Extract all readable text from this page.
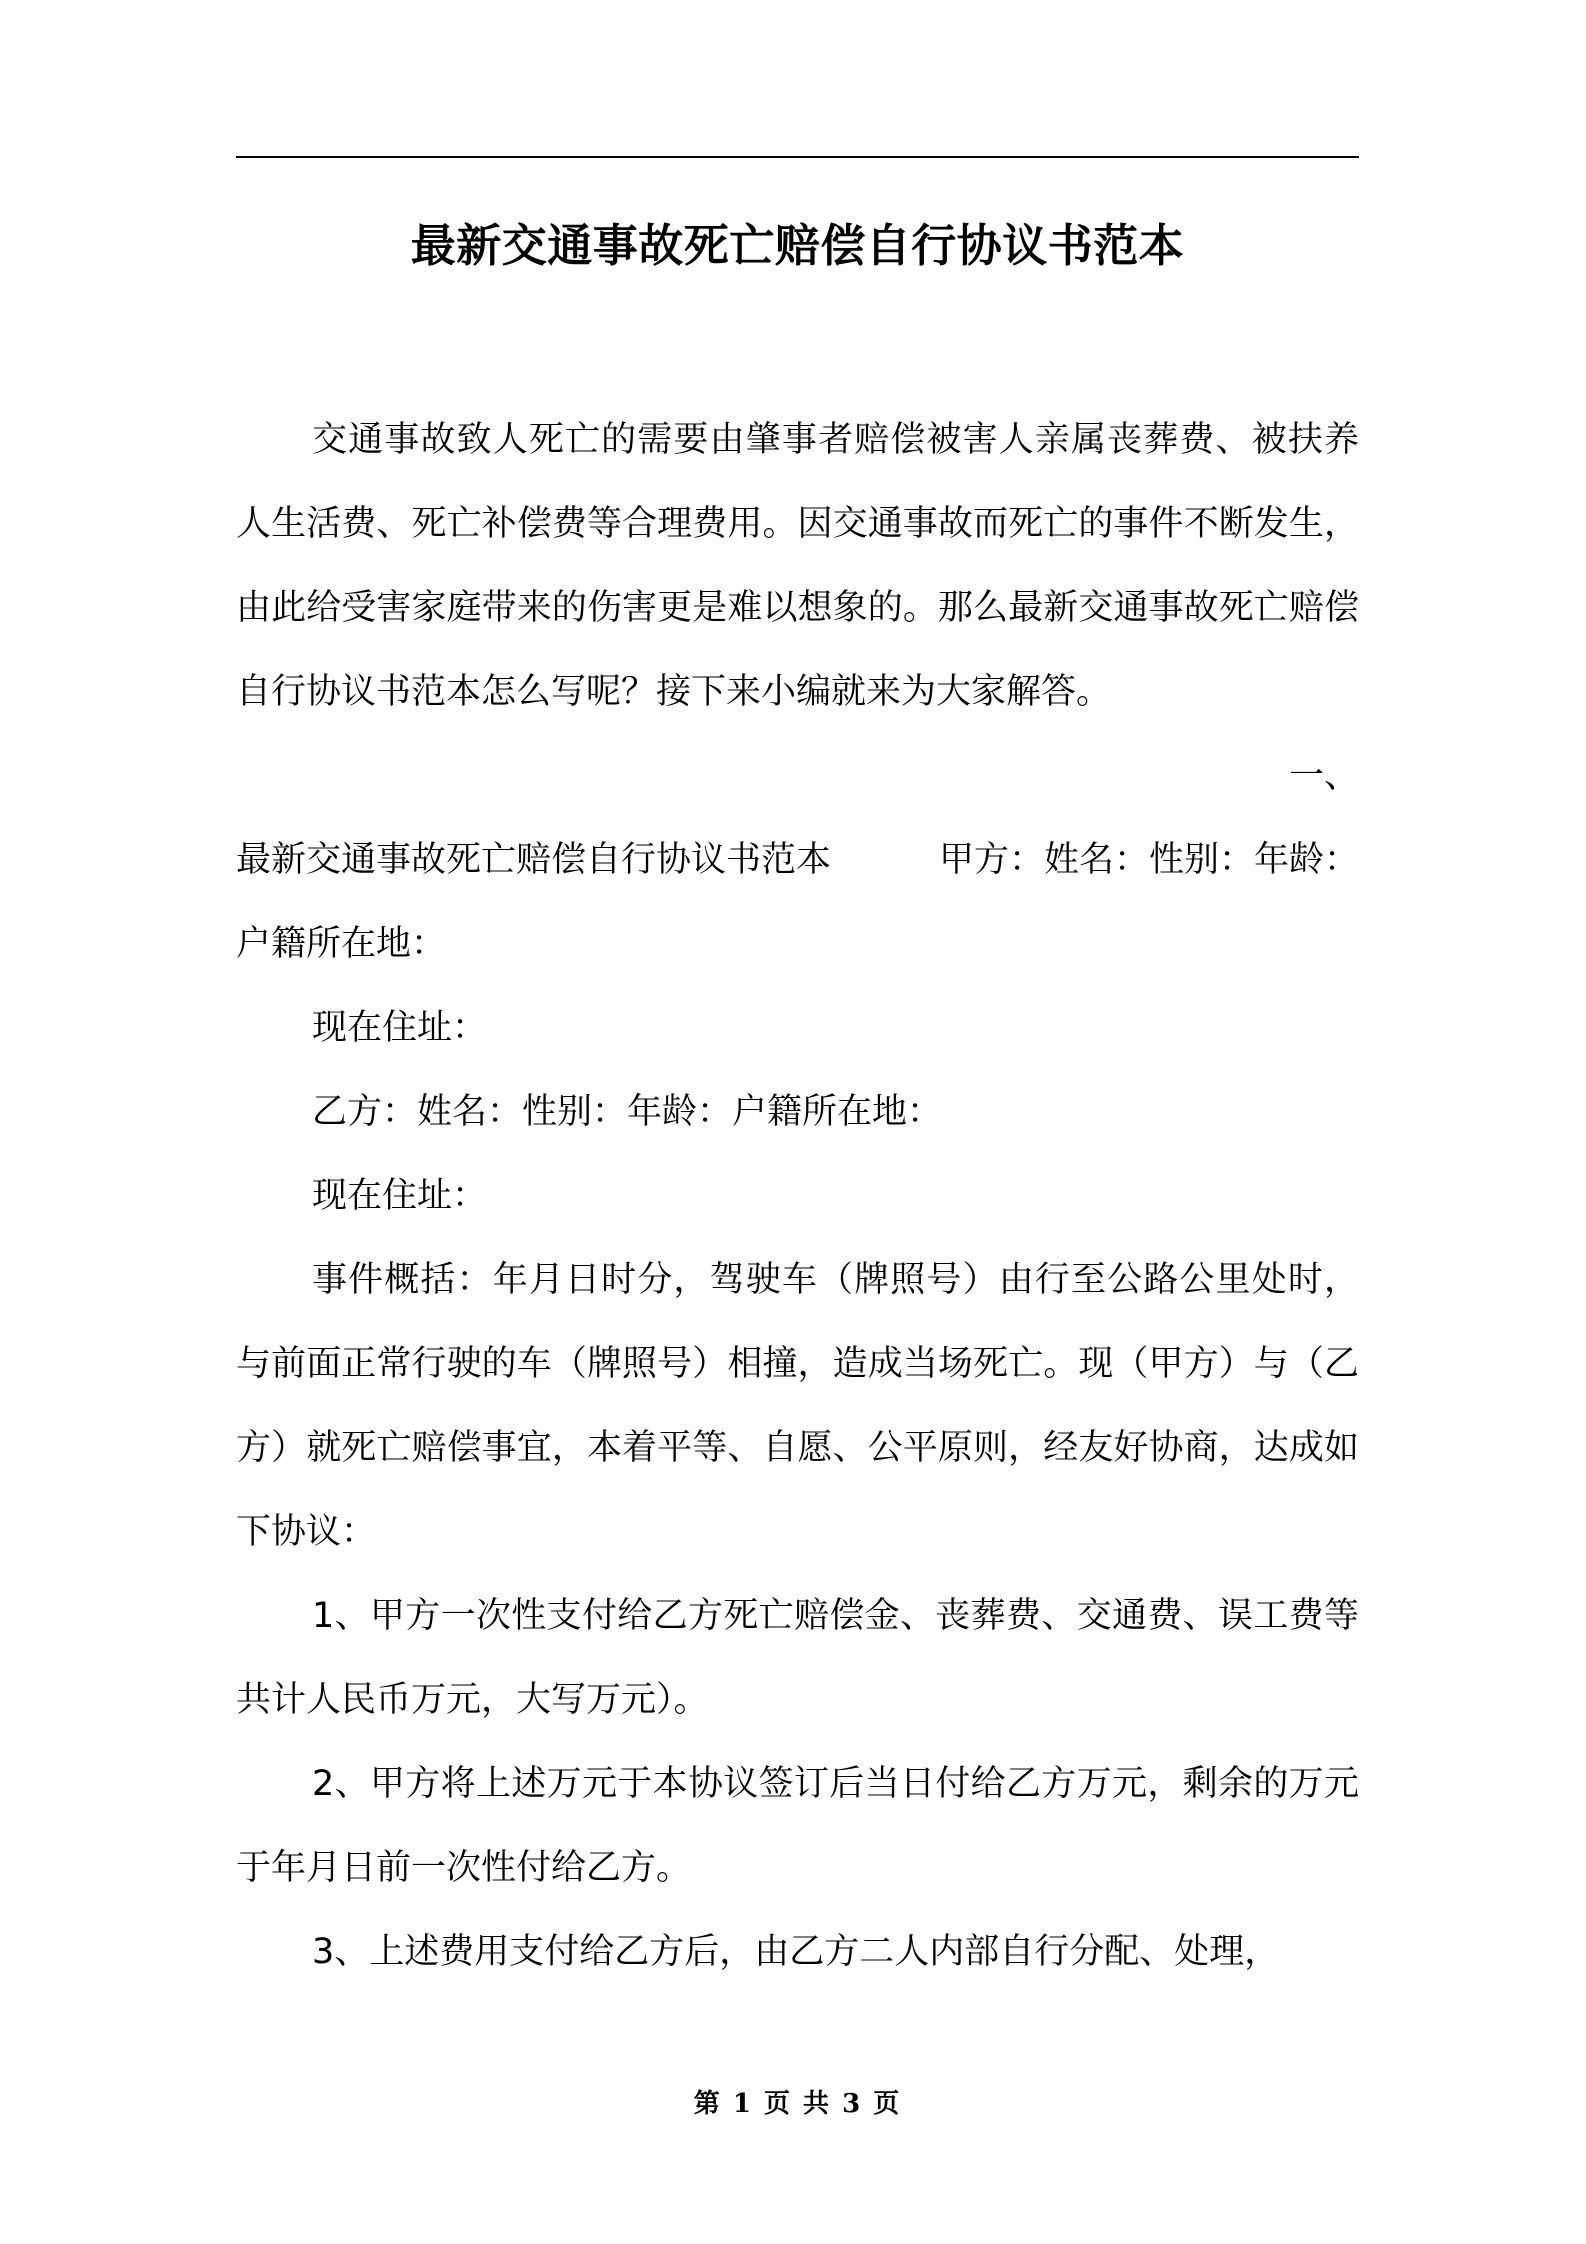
最新交通事故死亡赔偿自行协议书范本

交通事故致人死亡的需要由肇事者赔偿被害人亲属丧葬费、被扶养人生活费、死亡补偿费等合理费用。因交通事故而死亡的事件不断发生，由此给受害家庭带来的伤害更是难以想象的。那么最新交通事故死亡赔偿自行协议书范本怎么写呢？接下来小编就来为大家解答。

一、

最新交通事故死亡赔偿自行协议书范本	甲方：姓名：性别：年龄：

户籍所在地：

现在住址：

乙方：姓名：性别：年龄：户籍所在地：

现在住址：

事件概括：年月日时分，驾驶车（牌照号）由行至公路公里处时，与前面正常行驶的车（牌照号）相撞，造成当场死亡。现（甲方）与（乙方）就死亡赔偿事宜，本着平等、自愿、公平原则，经友好协商，达成如下协议：

1、甲方一次性支付给乙方死亡赔偿金、丧葬费、交通费、误工费等共计人民币万元，大写万元）。

2、甲方将上述万元于本协议签订后当日付给乙方万元，剩余的万元于年月日前一次性付给乙方。

3、上述费用支付给乙方后，由乙方二人内部自行分配、处理，

第 1 页 共 3 页
